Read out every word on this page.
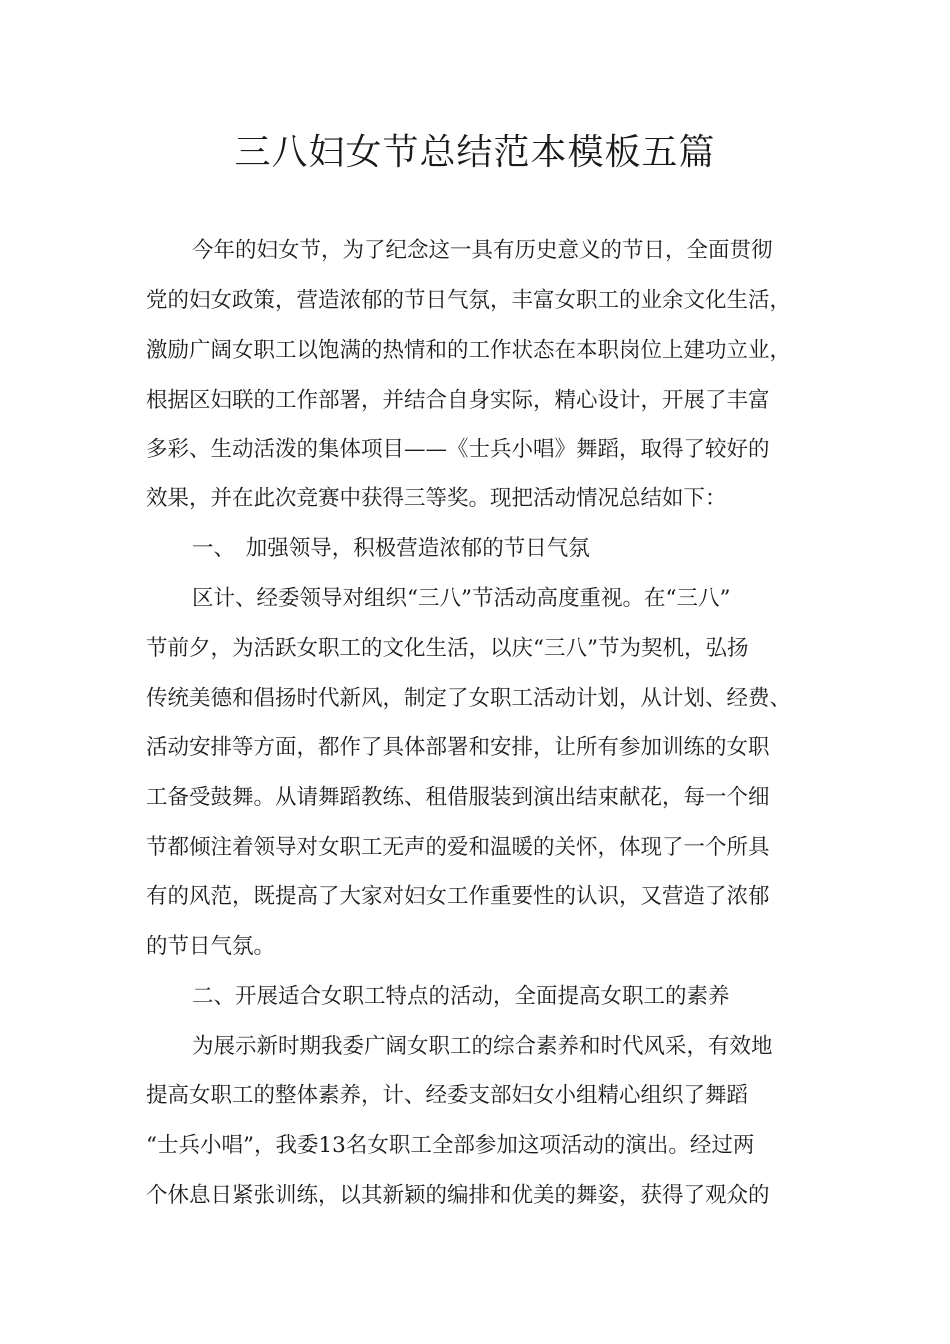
三八妇女节总结范本模板五篇

今年的妇女节，为了纪念这一具有历史意义的节日，全面贯彻

党的妇女政策，营造浓郁的节日气氛，丰富女职工的业余文化生活，

激励广阔女职工以饱满的热情和的工作状态在本职岗位上建功立业，

根据区妇联的工作部署，并结合自身实际，精心设计，开展了丰富

多彩、生动活泼的集体项目——《士兵小唱》舞蹈，取得了较好的

效果，并在此次竞赛中获得三等奖。现把活动情况总结如下：

一、　加强领导，积极营造浓郁的节日气氛

区计、经委领导对组织“三八”节活动高度重视。在“三八”

节前夕，为活跃女职工的文化生活，以庆“三八”节为契机，弘扬

传统美德和倡扬时代新风，制定了女职工活动计划，从计划、经费、

活动安排等方面，都作了具体部署和安排，让所有参加训练的女职

工备受鼓舞。从请舞蹈教练、租借服装到演出结束献花，每一个细

节都倾注着领导对女职工无声的爱和温暖的关怀，体现了一个所具

有的风范，既提高了大家对妇女工作重要性的认识，又营造了浓郁

的节日气氛。

二、开展适合女职工特点的活动，全面提高女职工的素养

为展示新时期我委广阔女职工的综合素养和时代风采，有效地

提高女职工的整体素养，计、经委支部妇女小组精心组织了舞蹈

“士兵小唱”，我委13名女职工全部参加这项活动的演出。经过两

个休息日紧张训练，以其新颖的编排和优美的舞姿，获得了观众的
